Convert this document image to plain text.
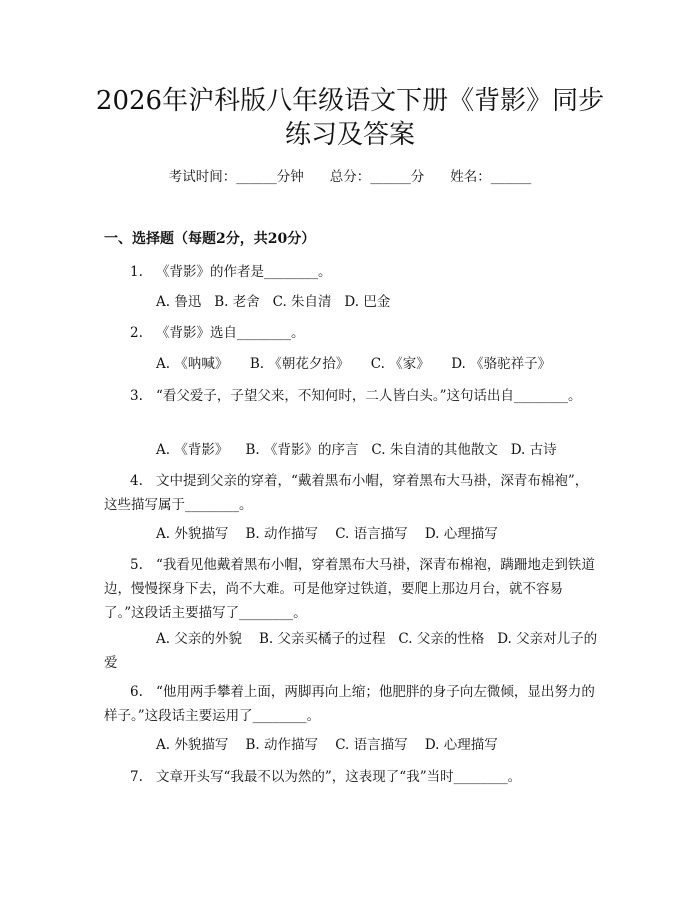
2026年沪科版八年级语文下册《背影》同步
练习及答案
考试时间：______分钟 总分：______分 姓名：______
一、选择题（每题2分，共20分）
1. 《背影》的作者是________。
A. 鲁迅 B. 老舍 C. 朱自清 D. 巴金
2. 《背影》选自________。
A. 《呐喊》 B. 《朝花夕拾》 C. 《家》 D. 《骆驼祥子》
3. “看父爱子，子望父来，不知何时，二人皆白头。”这句话出自________。
A. 《背影》 B. 《背影》的序言 C. 朱自清的其他散文 D. 古诗
4. 文中提到父亲的穿着，“戴着黑布小帽，穿着黑布大马褂，深青布棉袍”，这些描写属于________。
A. 外貌描写 B. 动作描写 C. 语言描写 D. 心理描写
5. “我看见他戴着黑布小帽，穿着黑布大马褂，深青布棉袍，蹒跚地走到铁道边，慢慢探身下去，尚不大难。可是他穿过铁道，要爬上那边月台，就不容易了。”这段话主要描写了________。
A. 父亲的外貌 B. 父亲买橘子的过程 C. 父亲的性格 D. 父亲对儿子的爱
6. “他用两手攀着上面，两脚再向上缩；他肥胖的身子向左微倾，显出努力的样子。”这段话主要运用了________。
A. 外貌描写 B. 动作描写 C. 语言描写 D. 心理描写
7. 文章开头写“我最不以为然的”，这表现了“我”当时________。
